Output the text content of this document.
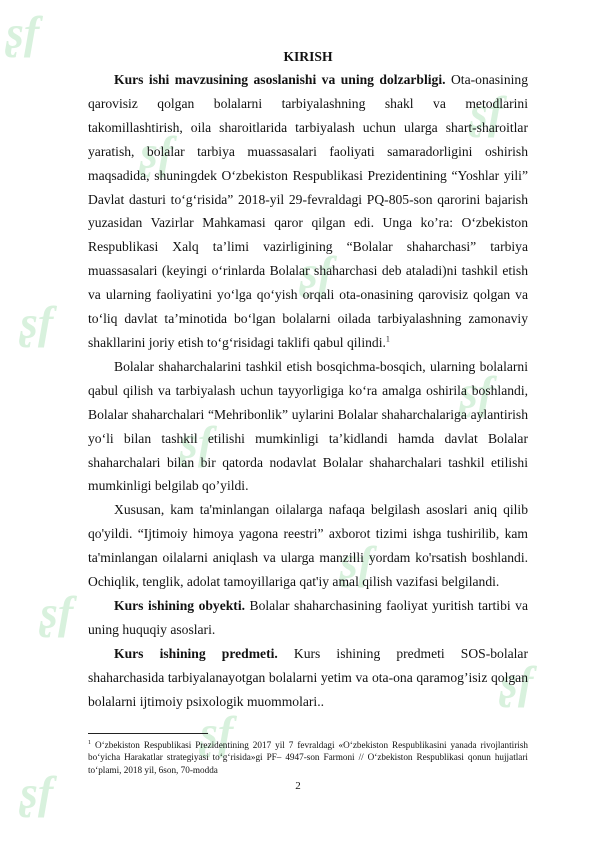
ʂf
ʂf
ʂf
ʂf
ʂf
ʂf
ʂf
ʂf
ʂf
ʂf
ʂf
ʂf
KIRISH

Kurs ishi mavzusining asoslanishi va uning dolzarbligi. Ota-onasining qarovisiz qolgan bolalarni tarbiyalashning shakl va metodlarini takomillashtirish, oila sharoitlarida tarbiyalash uchun ularga shart-sharoitlar yaratish, bolalar tarbiya muassasalari faoliyati samaradorligini oshirish maqsadida, shuningdek O‘zbekiston Respublikasi Prezidentining “Yoshlar yili” Davlat dasturi to‘g‘risida” 2018-yil 29-fevraldagi PQ-805-son qarorini bajarish yuzasidan Vazirlar Mahkamasi qaror qilgan edi. Unga ko’ra: O‘zbekiston Respublikasi Xalq ta’limi vazirligining “Bolalar shaharchasi” tarbiya muassasalari (keyingi o‘rinlarda Bolalar shaharchasi deb ataladi)ni tashkil etish va ularning faoliyatini yo‘lga qo‘yish orqali ota-onasining qarovisiz qolgan va to‘liq davlat ta’minotida bo‘lgan bolalarni oilada tarbiyalashning zamonaviy shakllarini joriy etish to‘g‘risidagi taklifi qabul qilindi.$^1$

Bolalar shaharchalarini tashkil etish bosqichma-bosqich, ularning bolalarni qabul qilish va tarbiyalash uchun tayyorligiga ko‘ra amalga oshirila boshlandi, Bolalar shaharchalari “Mehribonlik” uylarini Bolalar shaharchalariga aylantirish yo‘li bilan tashkil etilishi mumkinligi ta’kidlandi hamda davlat Bolalar shaharchalari bilan bir qatorda nodavlat Bolalar shaharchalari tashkil etilishi mumkinligi belgilab qo’yildi.

Xususan, kam ta'minlangan oilalarga nafaqa belgilash asoslari aniq qilib qo'yildi. “Ijtimoiy himoya yagona reestri” axborot tizimi ishga tushirilib, kam ta'minlangan oilalarni aniqlash va ularga manzilli yordam ko'rsatish boshlandi. Ochiqlik, tenglik, adolat tamoyillariga qat'iy amal qilish vazifasi belgilandi.

Kurs ishining obyekti. Bolalar shaharchasining faoliyat yuritish tartibi va uning huquqiy asoslari.

Kurs ishining predmeti. Kurs ishining predmeti SOS-bolalar shaharchasida tarbiyalanayotgan bolalarni yetim va ota-ona qaramog’isiz qolgan bolalarni ijtimoiy psixologik muommolari..

$^1$ O‘zbekiston Respublikasi Prezidentining 2017 yil 7 fevraldagi «O‘zbekiston Respublikasini yanada rivojlantirish bo‘yicha Harakatlar strategiyasi to‘g‘risida»gi PF– 4947-son Farmoni // O‘zbekiston Respublikasi qonun hujjatlari to‘plami, 2018 yil, 6son, 70-modda
2
